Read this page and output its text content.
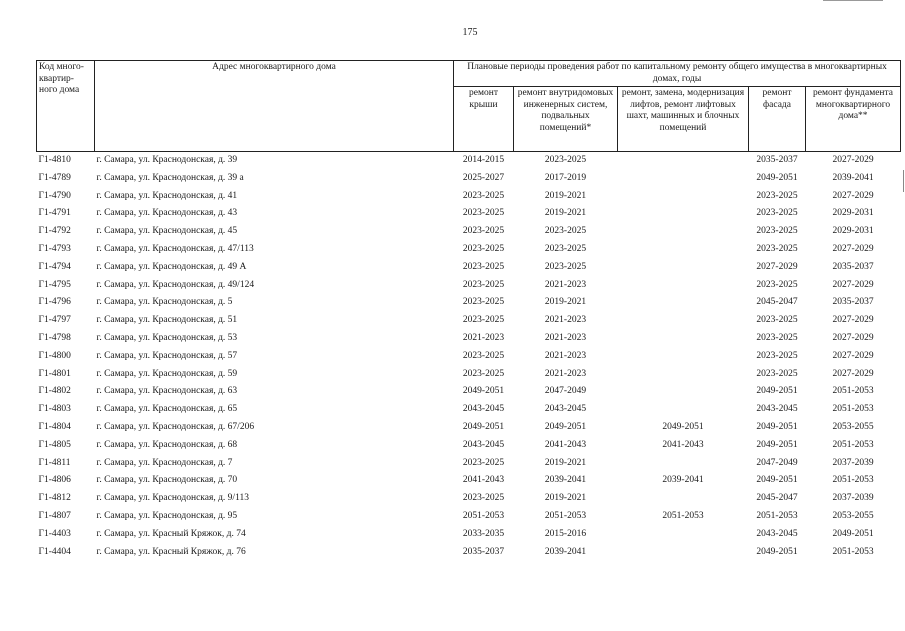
175
Код много-квартир-ного дома	Адрес многоквартирного дома	Плановые периоды проведения работ по капитальному ремонту общего имущества в многоквартирных домах, годы				
		ремонт крыши	ремонт внутридомовых инженерных систем, подвальных помещений*	ремонт, замена, модернизация лифтов, ремонт лифтовых шахт, машинных и блочных помещений	ремонт фасада	ремонт фундамента многоквартирного дома**
Г1-4810	г. Самара, ул. Краснодонская, д. 39	2014-2015	2023-2025		2035-2037	2027-2029
Г1-4789	г. Самара, ул. Краснодонская, д. 39 а	2025-2027	2017-2019		2049-2051	2039-2041
Г1-4790	г. Самара, ул. Краснодонская, д. 41	2023-2025	2019-2021		2023-2025	2027-2029
Г1-4791	г. Самара, ул. Краснодонская, д. 43	2023-2025	2019-2021		2023-2025	2029-2031
Г1-4792	г. Самара, ул. Краснодонская, д. 45	2023-2025	2023-2025		2023-2025	2029-2031
Г1-4793	г. Самара, ул. Краснодонская, д. 47/113	2023-2025	2023-2025		2023-2025	2027-2029
Г1-4794	г. Самара, ул. Краснодонская, д. 49 А	2023-2025	2023-2025		2027-2029	2035-2037
Г1-4795	г. Самара, ул. Краснодонская, д. 49/124	2023-2025	2021-2023		2023-2025	2027-2029
Г1-4796	г. Самара, ул. Краснодонская, д. 5	2023-2025	2019-2021		2045-2047	2035-2037
Г1-4797	г. Самара, ул. Краснодонская, д. 51	2023-2025	2021-2023		2023-2025	2027-2029
Г1-4798	г. Самара, ул. Краснодонская, д. 53	2021-2023	2021-2023		2023-2025	2027-2029
Г1-4800	г. Самара, ул. Краснодонская, д. 57	2023-2025	2021-2023		2023-2025	2027-2029
Г1-4801	г. Самара, ул. Краснодонская, д. 59	2023-2025	2021-2023		2023-2025	2027-2029
Г1-4802	г. Самара, ул. Краснодонская, д. 63	2049-2051	2047-2049		2049-2051	2051-2053
Г1-4803	г. Самара, ул. Краснодонская, д. 65	2043-2045	2043-2045		2043-2045	2051-2053
Г1-4804	г. Самара, ул. Краснодонская, д. 67/206	2049-2051	2049-2051	2049-2051	2049-2051	2053-2055
Г1-4805	г. Самара, ул. Краснодонская, д. 68	2043-2045	2041-2043	2041-2043	2049-2051	2051-2053
Г1-4811	г. Самара, ул. Краснодонская, д. 7	2023-2025	2019-2021		2047-2049	2037-2039
Г1-4806	г. Самара, ул. Краснодонская, д. 70	2041-2043	2039-2041	2039-2041	2049-2051	2051-2053
Г1-4812	г. Самара, ул. Краснодонская, д. 9/113	2023-2025	2019-2021		2045-2047	2037-2039
Г1-4807	г. Самара, ул. Краснодонская, д. 95	2051-2053	2051-2053	2051-2053	2051-2053	2053-2055
Г1-4403	г. Самара, ул. Красный Кряжок, д. 74	2033-2035	2015-2016		2043-2045	2049-2051
Г1-4404	г. Самара, ул. Красный Кряжок, д. 76	2035-2037	2039-2041		2049-2051	2051-2053
